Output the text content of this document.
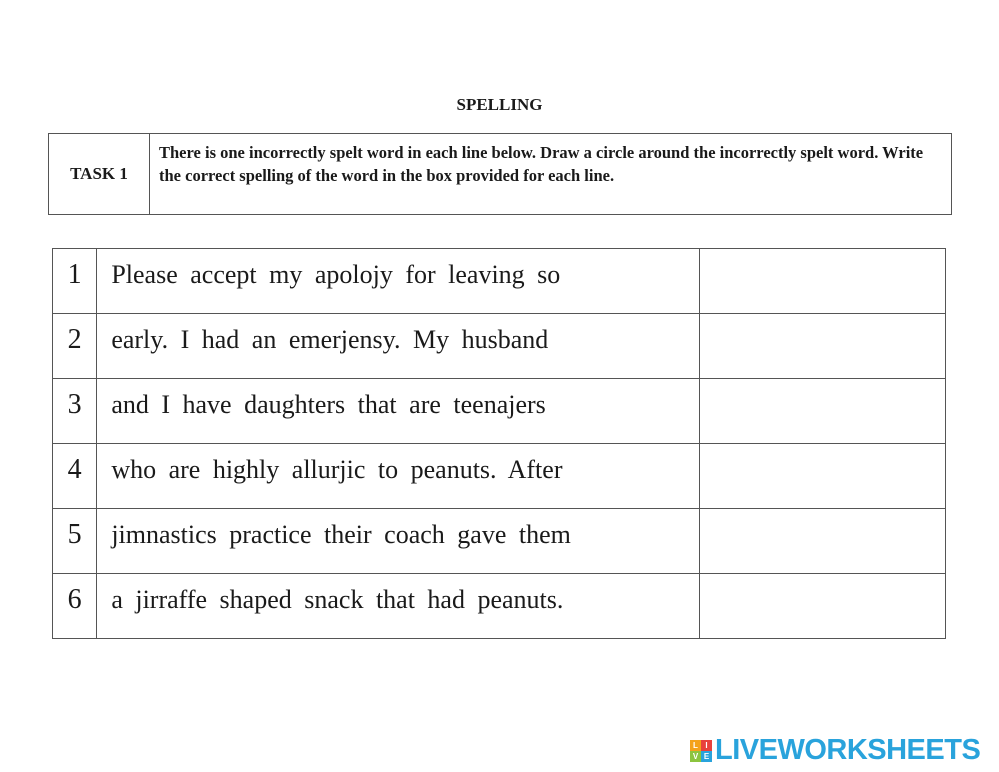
SPELLING
TASK 1
There is one incorrectly spelt word in each line below. Draw a circle around the incorrectly spelt word. Write the correct spelling of the word in the box provided for each line.
1	Please accept my apolojy for leaving so	
2	early. I had an emerjensy. My husband	
3	and I have daughters that are teenajers	
4	who are highly allurjic to peanuts. After	
5	jimnastics practice their coach gave them	
6	a jirraffe shaped snack that had peanuts.	
L I
V E LIVEWORKSHEETS
